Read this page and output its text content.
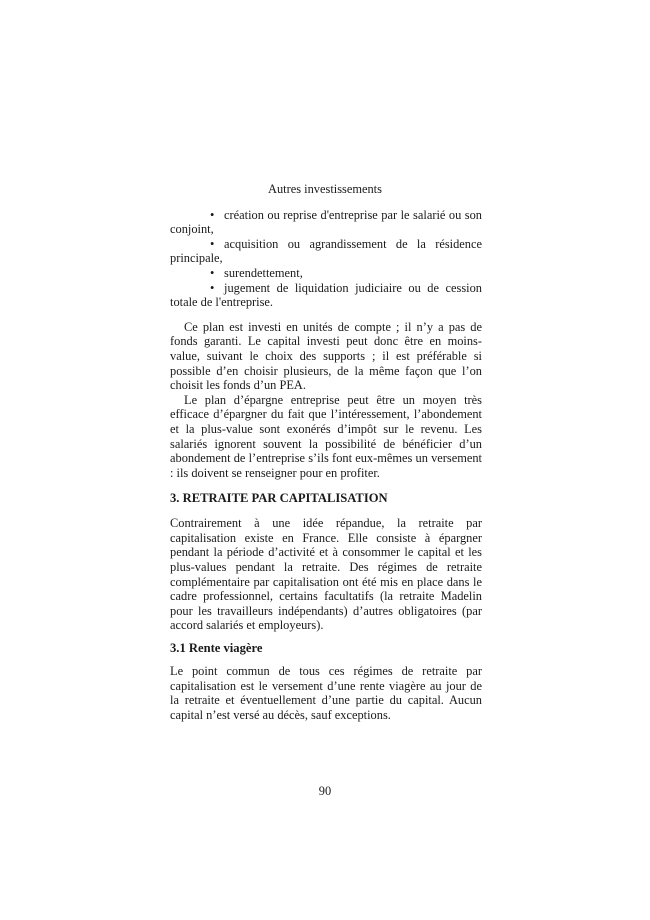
Autres investissements
• création ou reprise d'entreprise par le salarié ou son conjoint,
• acquisition ou agrandissement de la résidence principale,
• surendettement,
• jugement de liquidation judiciaire ou de cession totale de l'entreprise.
Ce plan est investi en unités de compte ; il n’y a pas de fonds garanti. Le capital investi peut donc être en moins-value, suivant le choix des supports ; il est préférable si possible d’en choisir plusieurs, de la même façon que l’on choisit les fonds d’un PEA.
Le plan d’épargne entreprise peut être un moyen très efficace d’épargner du fait que l’intéressement, l’abondement et la plus-value sont exonérés d’impôt sur le revenu. Les salariés ignorent souvent la possibilité de bénéficier d’un abondement de l’entreprise s’ils font eux-mêmes un versement : ils doivent se renseigner pour en profiter.
3. RETRAITE PAR CAPITALISATION
Contrairement à une idée répandue, la retraite par capitalisation existe en France. Elle consiste à épargner pendant la période d’activité et à consommer le capital et les plus-values pendant la retraite. Des régimes de retraite complémentaire par capitalisation ont été mis en place dans le cadre professionnel, certains facultatifs (la retraite Madelin pour les travailleurs indépendants) d’autres obligatoires (par accord salariés et employeurs).
3.1 Rente viagère
Le point commun de tous ces régimes de retraite par capitalisation est le versement d’une rente viagère au jour de la retraite et éventuellement d’une partie du capital. Aucun capital n’est versé au décès, sauf exceptions.
90
